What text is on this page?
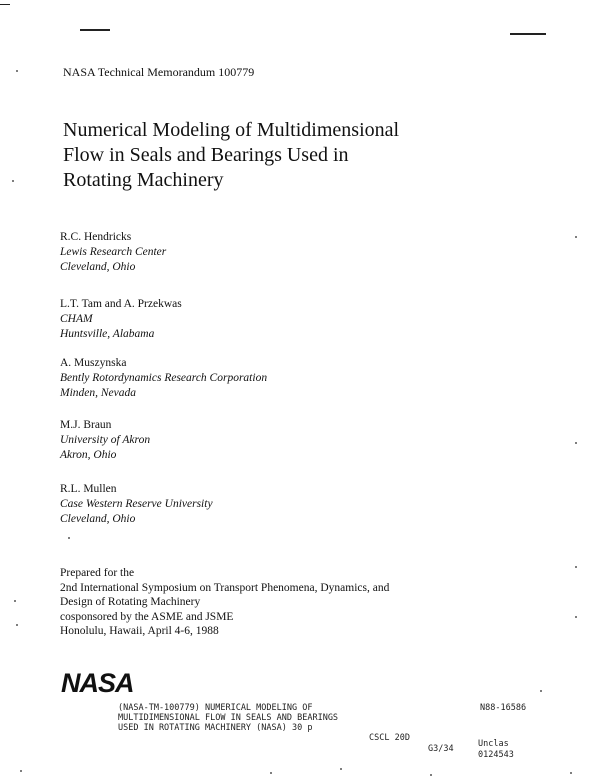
NASA Technical Memorandum 100779
Numerical Modeling of Multidimensional
Flow in Seals and Bearings Used in
Rotating Machinery
R.C. Hendricks
Lewis Research Center
Cleveland, Ohio
L.T. Tam and A. Przekwas
CHAM
Huntsville, Alabama
A. Muszynska
Bently Rotordynamics Research Corporation
Minden, Nevada
M.J. Braun
University of Akron
Akron, Ohio
R.L. Mullen
Case Western Reserve University
Cleveland, Ohio
Prepared for the
2nd International Symposium on Transport Phenomena, Dynamics, and
Design of Rotating Machinery
cosponsored by the ASME and JSME
Honolulu, Hawaii, April 4-6, 1988
NASA
(NASA-TM-100779) NUMERICAL MODELING OF
MULTIDIMENSIONAL FLOW IN SEALS AND BEARINGS
USED IN ROTATING MACHINERY (NASA) 30 p
CSCL 20D
N88-16586
G3/34	Unclas
0124543
